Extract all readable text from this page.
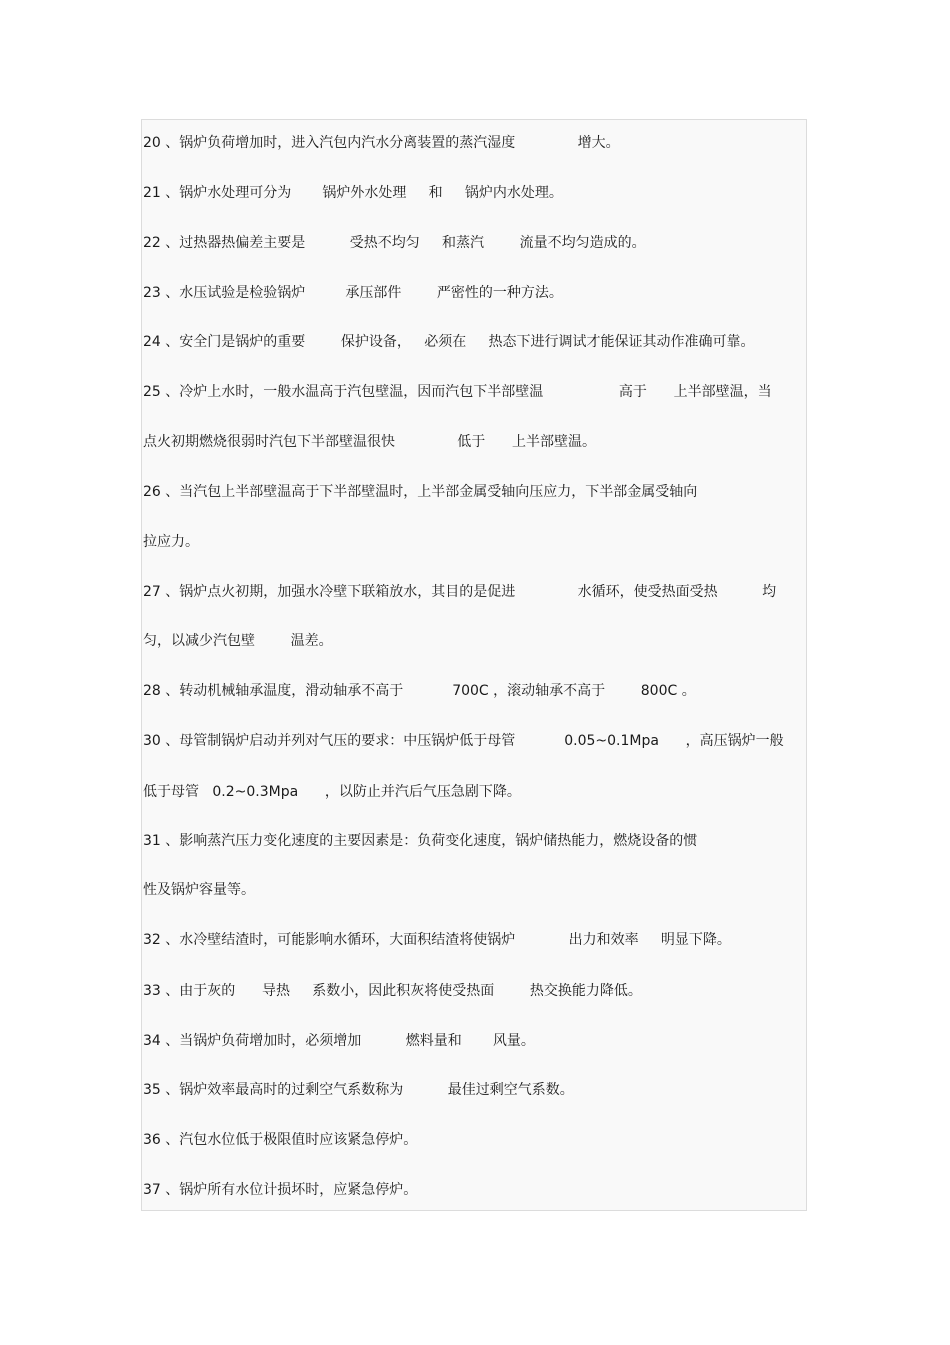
20 、锅炉负荷增加时，进入汽包内汽水分离装置的蒸汽湿度              增大。
21 、锅炉水处理可分为       锅炉外水处理     和     锅炉内水处理。
22 、过热器热偏差主要是          受热不均匀     和蒸汽        流量不均匀造成的。
23 、水压试验是检验锅炉         承压部件        严密性的一种方法。
24 、安全门是锅炉的重要        保护设备，   必须在     热态下进行调试才能保证其动作准确可靠。
25 、冷炉上水时，一般水温高于汽包壁温，因而汽包下半部壁温                 高于      上半部壁温，当
点火初期燃烧很弱时汽包下半部壁温很快              低于      上半部壁温。
26 、当汽包上半部壁温高于下半部壁温时，上半部金属受轴向压应力，下半部金属受轴向
拉应力。
27 、锅炉点火初期，加强水冷壁下联箱放水，其目的是促进              水循环，使受热面受热          均
匀，以减少汽包壁        温差。
28 、转动机械轴承温度，滑动轴承不高于           700C ，滚动轴承不高于        800C 。
30 、母管制锅炉启动并列对气压的要求：中压锅炉低于母管           0.05~0.1Mpa      ，高压锅炉一般
低于母管   0.2~0.3Mpa      ，以防止并汽后气压急剧下降。
31 、影响蒸汽压力变化速度的主要因素是：负荷变化速度，锅炉储热能力，燃烧设备的惯
性及锅炉容量等。
32 、水冷壁结渣时，可能影响水循环，大面积结渣将使锅炉            出力和效率     明显下降。
33 、由于灰的      导热     系数小，因此积灰将使受热面        热交换能力降低。
34 、当锅炉负荷增加时，必须增加          燃料量和       风量。
35 、锅炉效率最高时的过剩空气系数称为          最佳过剩空气系数。
36 、汽包水位低于极限值时应该紧急停炉。
37 、锅炉所有水位计损坏时，应紧急停炉。
